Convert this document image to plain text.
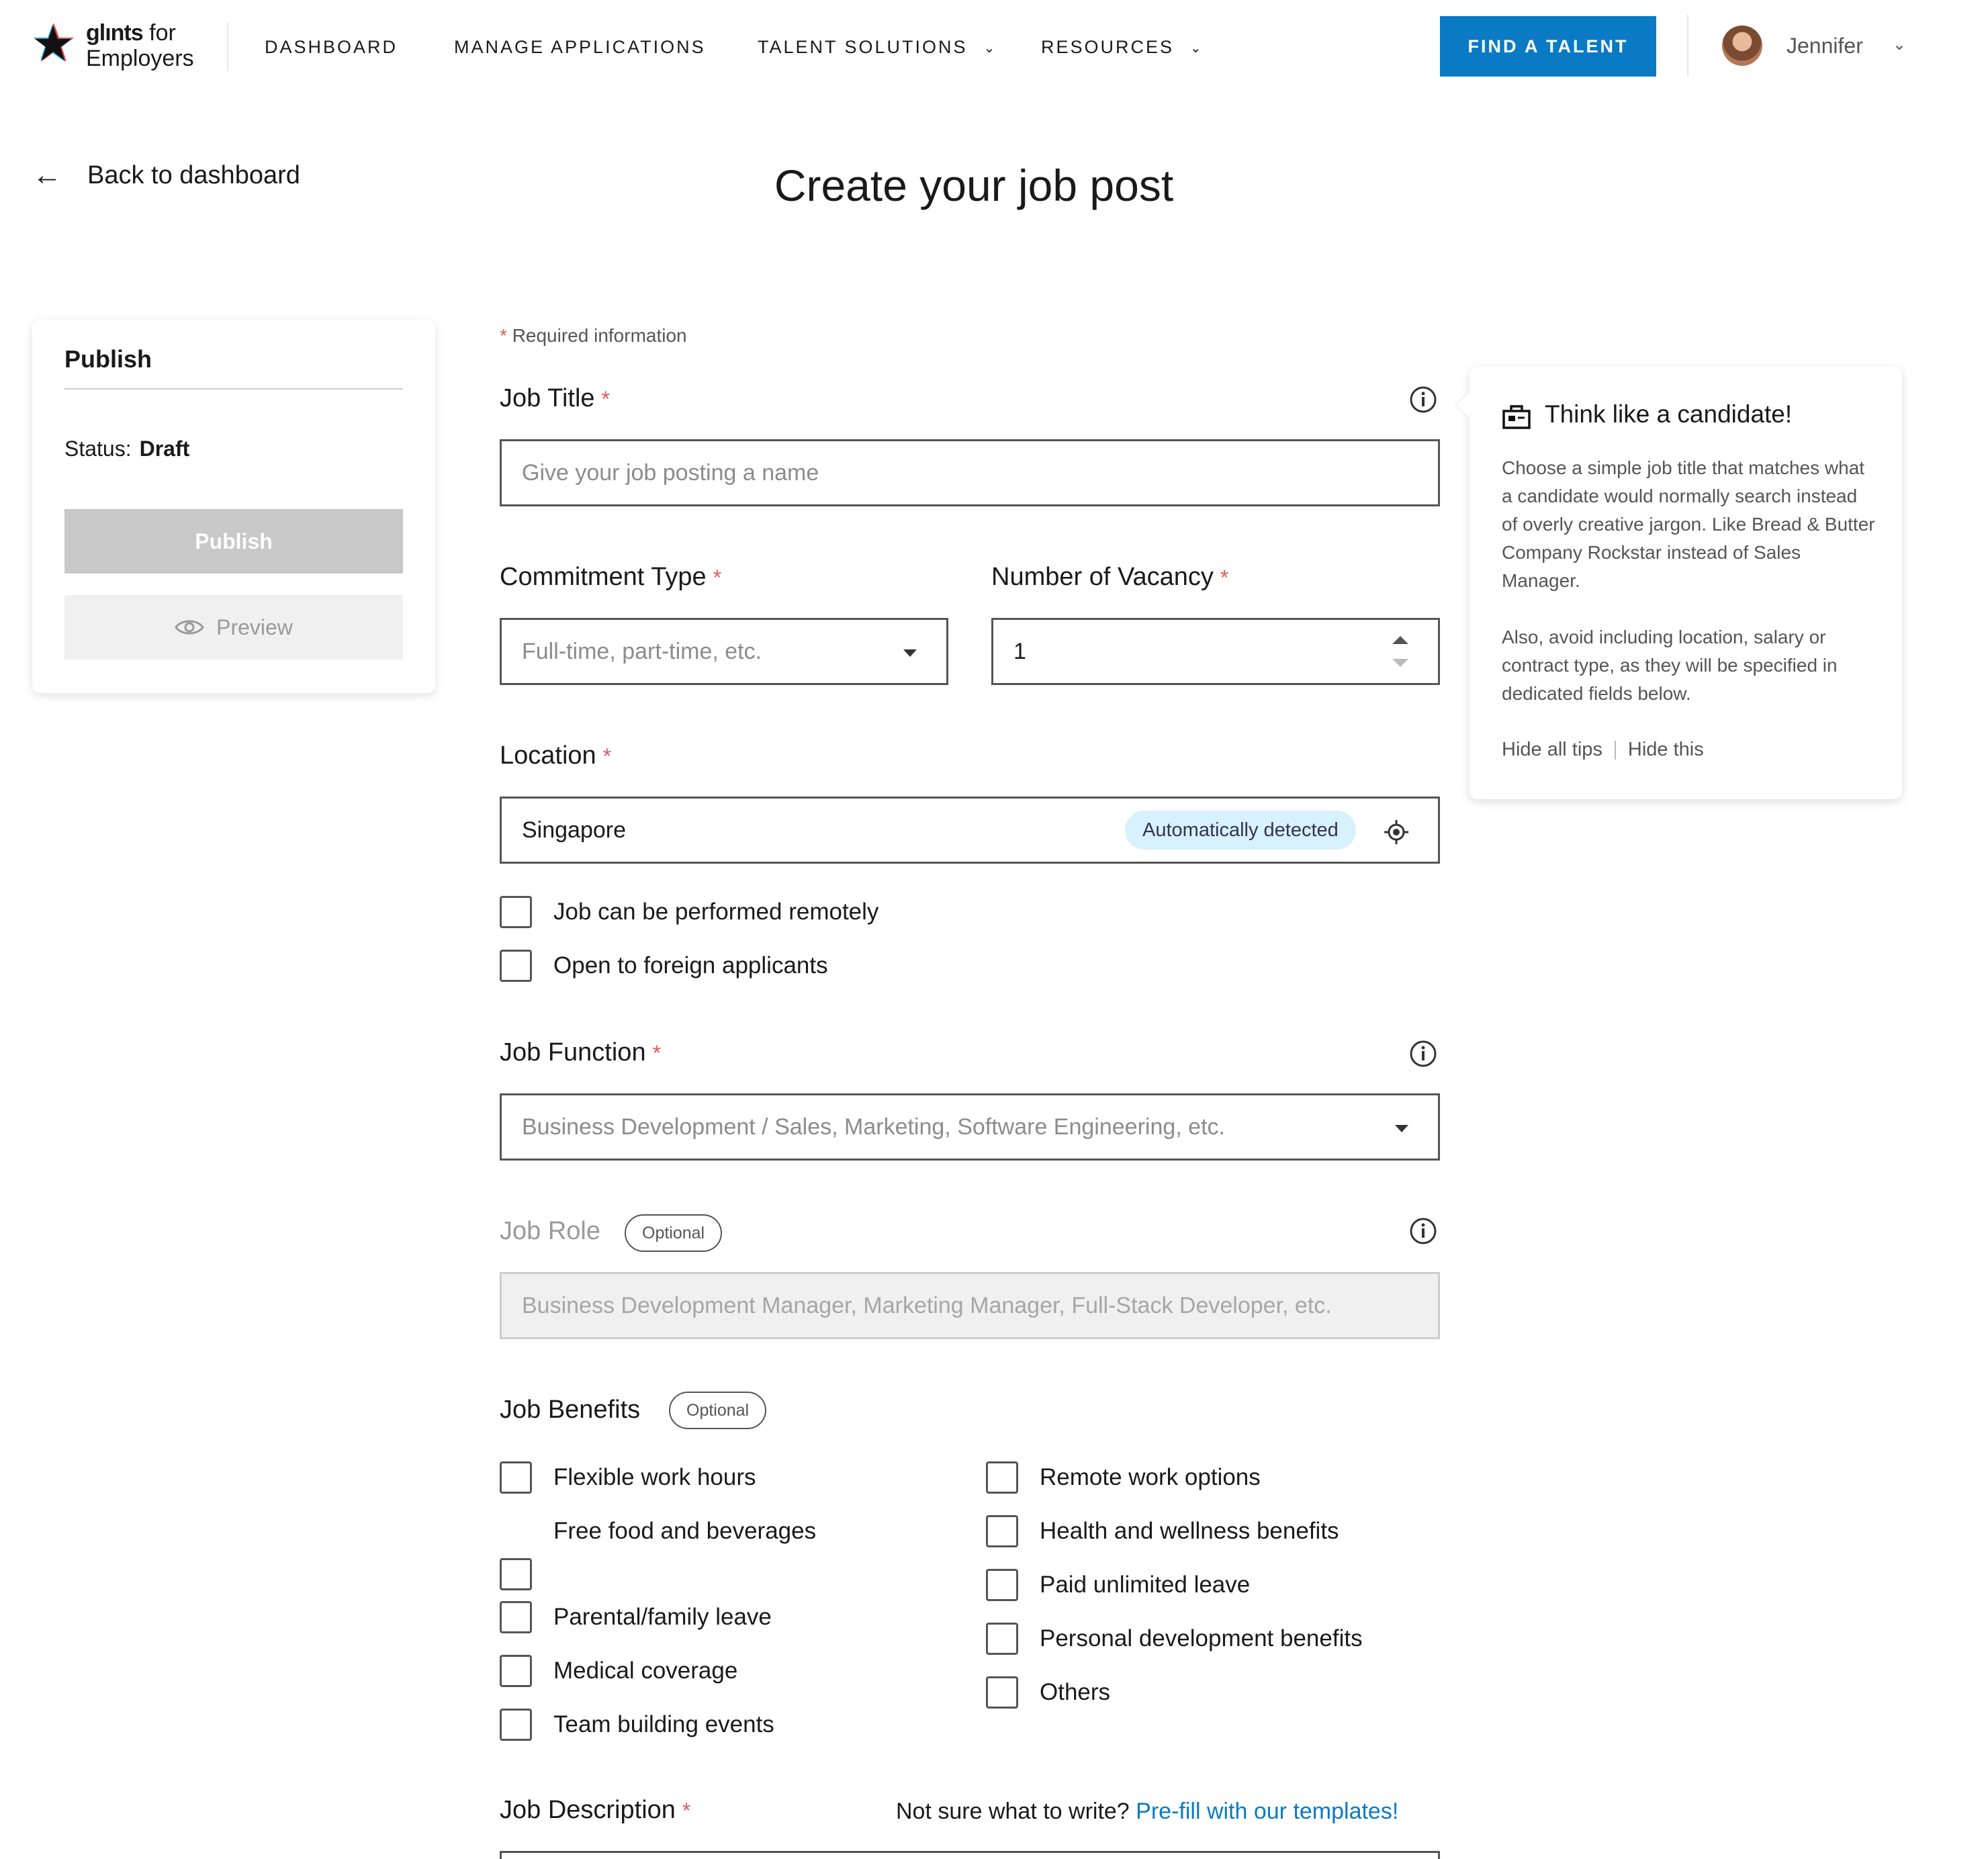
glınts for
Employers	DASHBOARD	MANAGE APPLICATIONS	TALENT SOLUTIONS ⌄ RESOURCES ⌄	FIND A TALENT	Jennifer ⌄
← Back to dashboard	Create your job post
Publish
Status: Draft
Publish
Preview
* Required information
Job Title *
Give your job posting a name
Commitment Type *
Full-time, part-time, etc.
Number of Vacancy *
1
Location *
Singapore	Automatically detected
Job can be performed remotely
Open to foreign applicants
Job Function *
Business Development / Sales, Marketing, Software Engineering, etc.
Job Role	Optional
Business Development Manager, Marketing Manager, Full-Stack Developer, etc.
Job Benefits	Optional
Flexible work hours
Free food and beverages
Parental/family leave
Medical coverage
Team building events
Remote work options
Health and wellness benefits
Paid unlimited leave
Personal development benefits
Others
Job Description *	Not sure what to write? Pre-fill with our templates!
Think like a candidate!

Choose a simple job title that matches what a candidate would normally search instead of overly creative jargon. Like Bread & Butter Company Rockstar instead of Sales Manager.

Also, avoid including location, salary or contract type, as they will be specified in dedicated fields below.

Hide all tips Hide this
